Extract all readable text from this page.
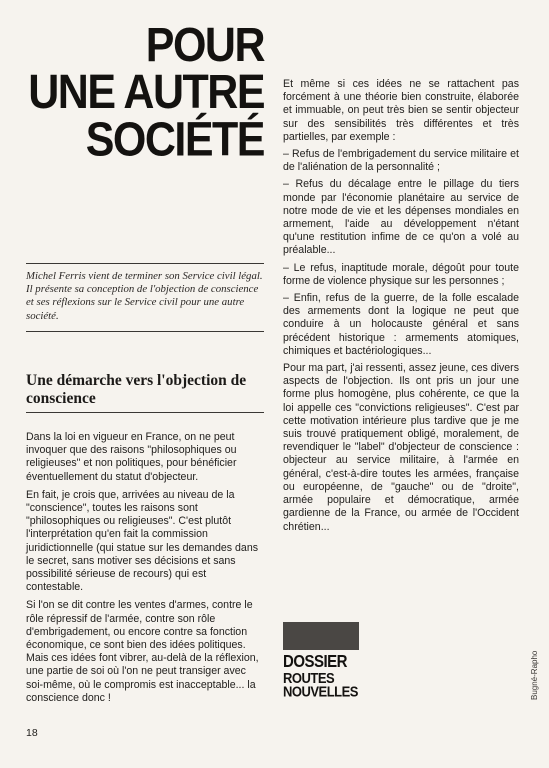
POUR
UNE AUTRE
SOCIÉTÉ
Michel Ferris vient de terminer son Service civil légal. Il présente sa conception de l'objection de conscience et ses réflexions sur le Service civil pour une autre société.
Une démarche vers l'objection de conscience

Dans la loi en vigueur en France, on ne peut invoquer que des raisons "philosophiques ou religieuses" et non politiques, pour bénéficier éventuellement du statut d'objecteur.

En fait, je crois que, arrivées au niveau de la "conscience", toutes les raisons sont "philosophiques ou religieuses". C'est plutôt l'interprétation qu'en fait la commission juridictionnelle (qui statue sur les demandes dans le secret, sans motiver ses décisions et sans possibilité sérieuse de recours) qui est contestable.

Si l'on se dit contre les ventes d'armes, contre le rôle répressif de l'armée, contre son rôle d'embrigadement, ou encore contre sa fonction économique, ce sont bien des idées politiques. Mais ces idées font vibrer, au-delà de la réflexion, une partie de soi où l'on ne peut transiger avec soi-même, où le compromis est inacceptable... la conscience donc !

Et même si ces idées ne se rattachent pas forcément à une théorie bien construite, élaborée et immuable, on peut très bien se sentir objecteur sur des sensibilités très différentes et très partielles, par exemple :

– Refus de l'embrigadement du service militaire et de l'aliénation de la personnalité ;

– Refus du décalage entre le pillage du tiers monde par l'économie planétaire au service de notre mode de vie et les dépenses mondiales en armement, l'aide au développement n'étant qu'une restitution infime de ce qu'on a volé au préalable...

– Le refus, inaptitude morale, dégoût pour toute forme de violence physique sur les personnes ;

– Enfin, refus de la guerre, de la folle escalade des armements dont la logique ne peut que conduire à un holocauste général et sans précédent historique : armements atomiques, chimiques et bactériologiques...

Pour ma part, j'ai ressenti, assez jeune, ces divers aspects de l'objection. Ils ont pris un jour une forme plus homogène, plus cohérente, ce que la loi appelle ces "convictions religieuses". C'est par cette motivation intérieure plus tardive que je me suis trouvé pratiquement obligé, moralement, de revendiquer le "label" d'objecteur de conscience : objecteur au service militaire, à l'armée en général, c'est-à-dire toutes les armées, française ou européenne, de "gauche" ou de "droite", armée populaire et démocratique, armée gardienne de la France, ou armée de l'Occident chrétien...

DOSSIER
ROUTES
NOUVELLES	Bugné-Rapho
18
